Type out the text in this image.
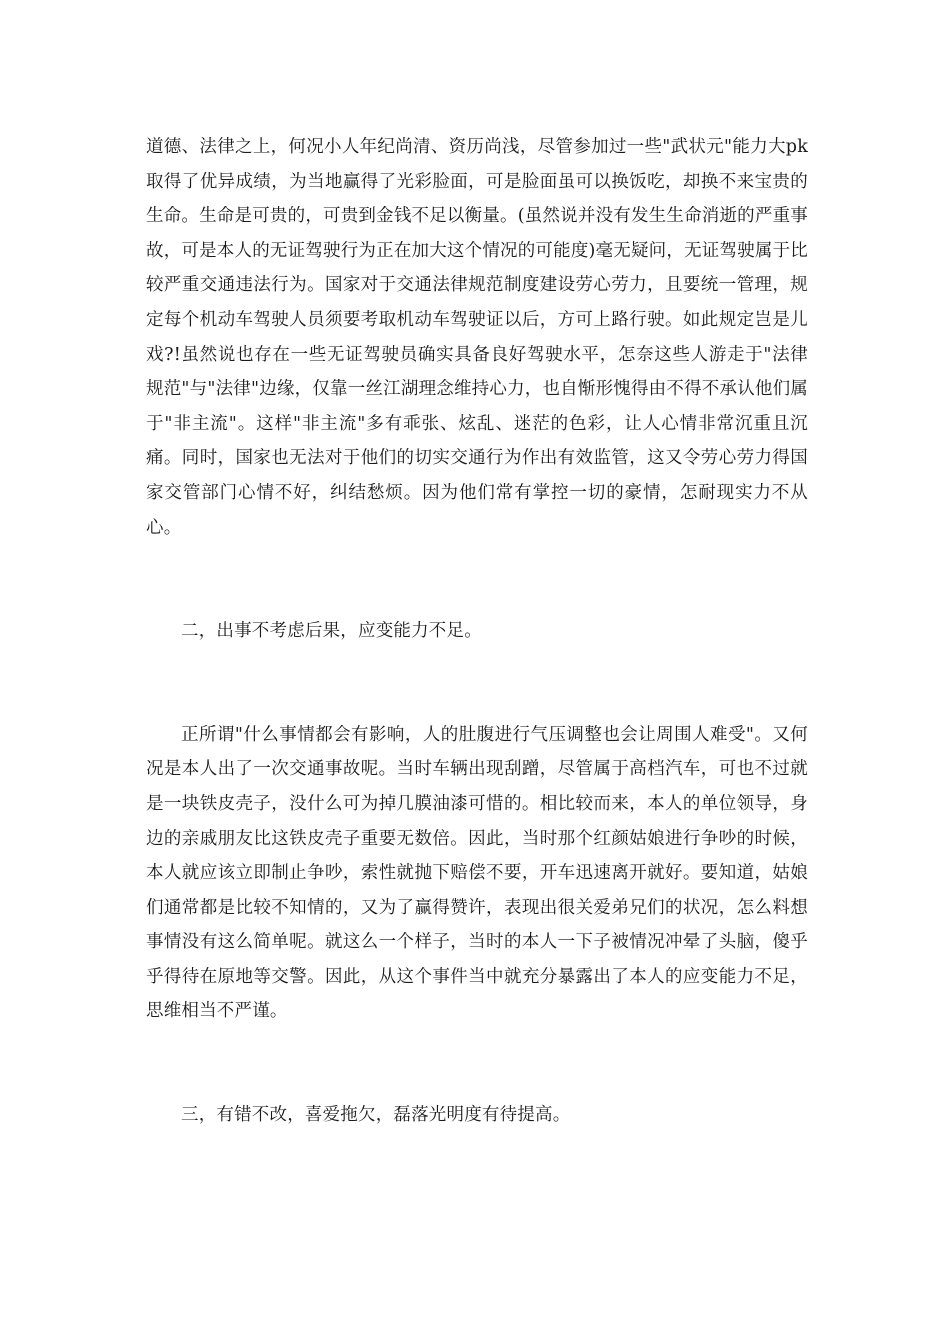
道德、法律之上，何况小人年纪尚清、资历尚浅，尽管参加过一些"武状元"能力大pk取得了优异成绩，为当地赢得了光彩脸面，可是脸面虽可以换饭吃，却换不来宝贵的生命。生命是可贵的，可贵到金钱不足以衡量。(虽然说并没有发生生命消逝的严重事故，可是本人的无证驾驶行为正在加大这个情况的可能度)毫无疑问，无证驾驶属于比较严重交通违法行为。国家对于交通法律规范制度建设劳心劳力，且要统一管理，规定每个机动车驾驶人员须要考取机动车驾驶证以后，方可上路行驶。如此规定岂是儿戏?!虽然说也存在一些无证驾驶员确实具备良好驾驶水平，怎奈这些人游走于"法律规范"与"法律"边缘，仅靠一丝江湖理念维持心力，也自惭形愧得由不得不承认他们属于"非主流"。这样"非主流"多有乖张、炫乱、迷茫的色彩，让人心情非常沉重且沉痛。同时，国家也无法对于他们的切实交通行为作出有效监管，这又令劳心劳力得国家交管部门心情不好，纠结愁烦。因为他们常有掌控一切的豪情，怎耐现实力不从心。

二，出事不考虑后果，应变能力不足。

正所谓"什么事情都会有影响，人的肚腹进行气压调整也会让周围人难受"。又何况是本人出了一次交通事故呢。当时车辆出现刮蹭，尽管属于高档汽车，可也不过就是一块铁皮壳子，没什么可为掉几膜油漆可惜的。相比较而来，本人的单位领导，身边的亲戚朋友比这铁皮壳子重要无数倍。因此，当时那个红颜姑娘进行争吵的时候，本人就应该立即制止争吵，索性就抛下赔偿不要，开车迅速离开就好。要知道，姑娘们通常都是比较不知情的，又为了赢得赞许，表现出很关爱弟兄们的状况，怎么料想事情没有这么简单呢。就这么一个样子，当时的本人一下子被情况冲晕了头脑，傻乎乎得待在原地等交警。因此，从这个事件当中就充分暴露出了本人的应变能力不足，思维相当不严谨。

三，有错不改，喜爱拖欠，磊落光明度有待提高。
